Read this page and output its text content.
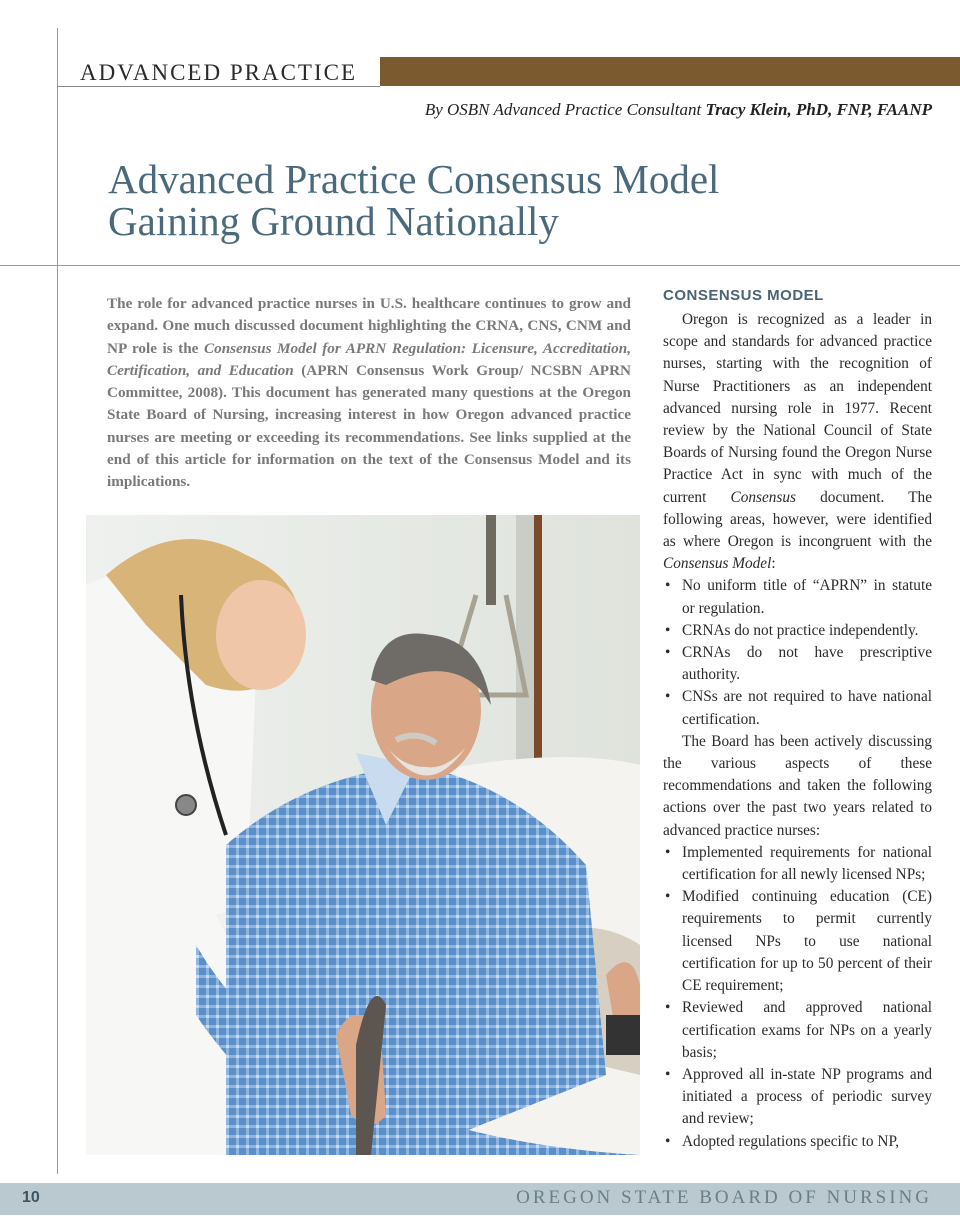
ADVANCED PRACTICE
By OSBN Advanced Practice Consultant Tracy Klein, PhD, FNP, FAANP
Advanced Practice Consensus Model
Gaining Ground Nationally

The role for advanced practice nurses in U.S. healthcare continues to grow and expand. One much discussed document highlighting the CRNA, CNS, CNM and NP role is the Consensus Model for APRN Regulation: Licensure, Accreditation, Certification, and Education (APRN Consensus Work Group/ NCSBN APRN Committee, 2008). This document has generated many questions at the Oregon State Board of Nursing, increasing interest in how Oregon advanced practice nurses are meeting or exceeding its recommendations. See links supplied at the end of this article for information on the text of the Consensus Model and its implications.

CONSENSUS MODEL

Oregon is recognized as a leader in scope and standards for advanced practice nurses, starting with the recognition of Nurse Practitioners as an independent advanced nursing role in 1977. Recent review by the National Council of State Boards of Nursing found the Oregon Nurse Practice Act in sync with much of the current Consensus document. The following areas, however, were identified as where Oregon is incongruent with the Consensus Model:

• No uniform title of “APRN” in statute or regulation.
• CRNAs do not practice independently.
• CRNAs do not have prescriptive authority.
• CNSs are not required to have national certification.

The Board has been actively discussing the various aspects of these recommendations and taken the following actions over the past two years related to advanced practice nurses:

• Implemented requirements for national certification for all newly licensed NPs;
• Modified continuing education (CE) requirements to permit currently licensed NPs to use national certification for up to 50 percent of their CE requirement;
• Reviewed and approved national certification exams for NPs on a yearly basis;
• Approved all in-state NP programs and initiated a process of periodic survey and review;
• Adopted regulations specific to NP,
10	OREGON STATE BOARD OF NURSING
